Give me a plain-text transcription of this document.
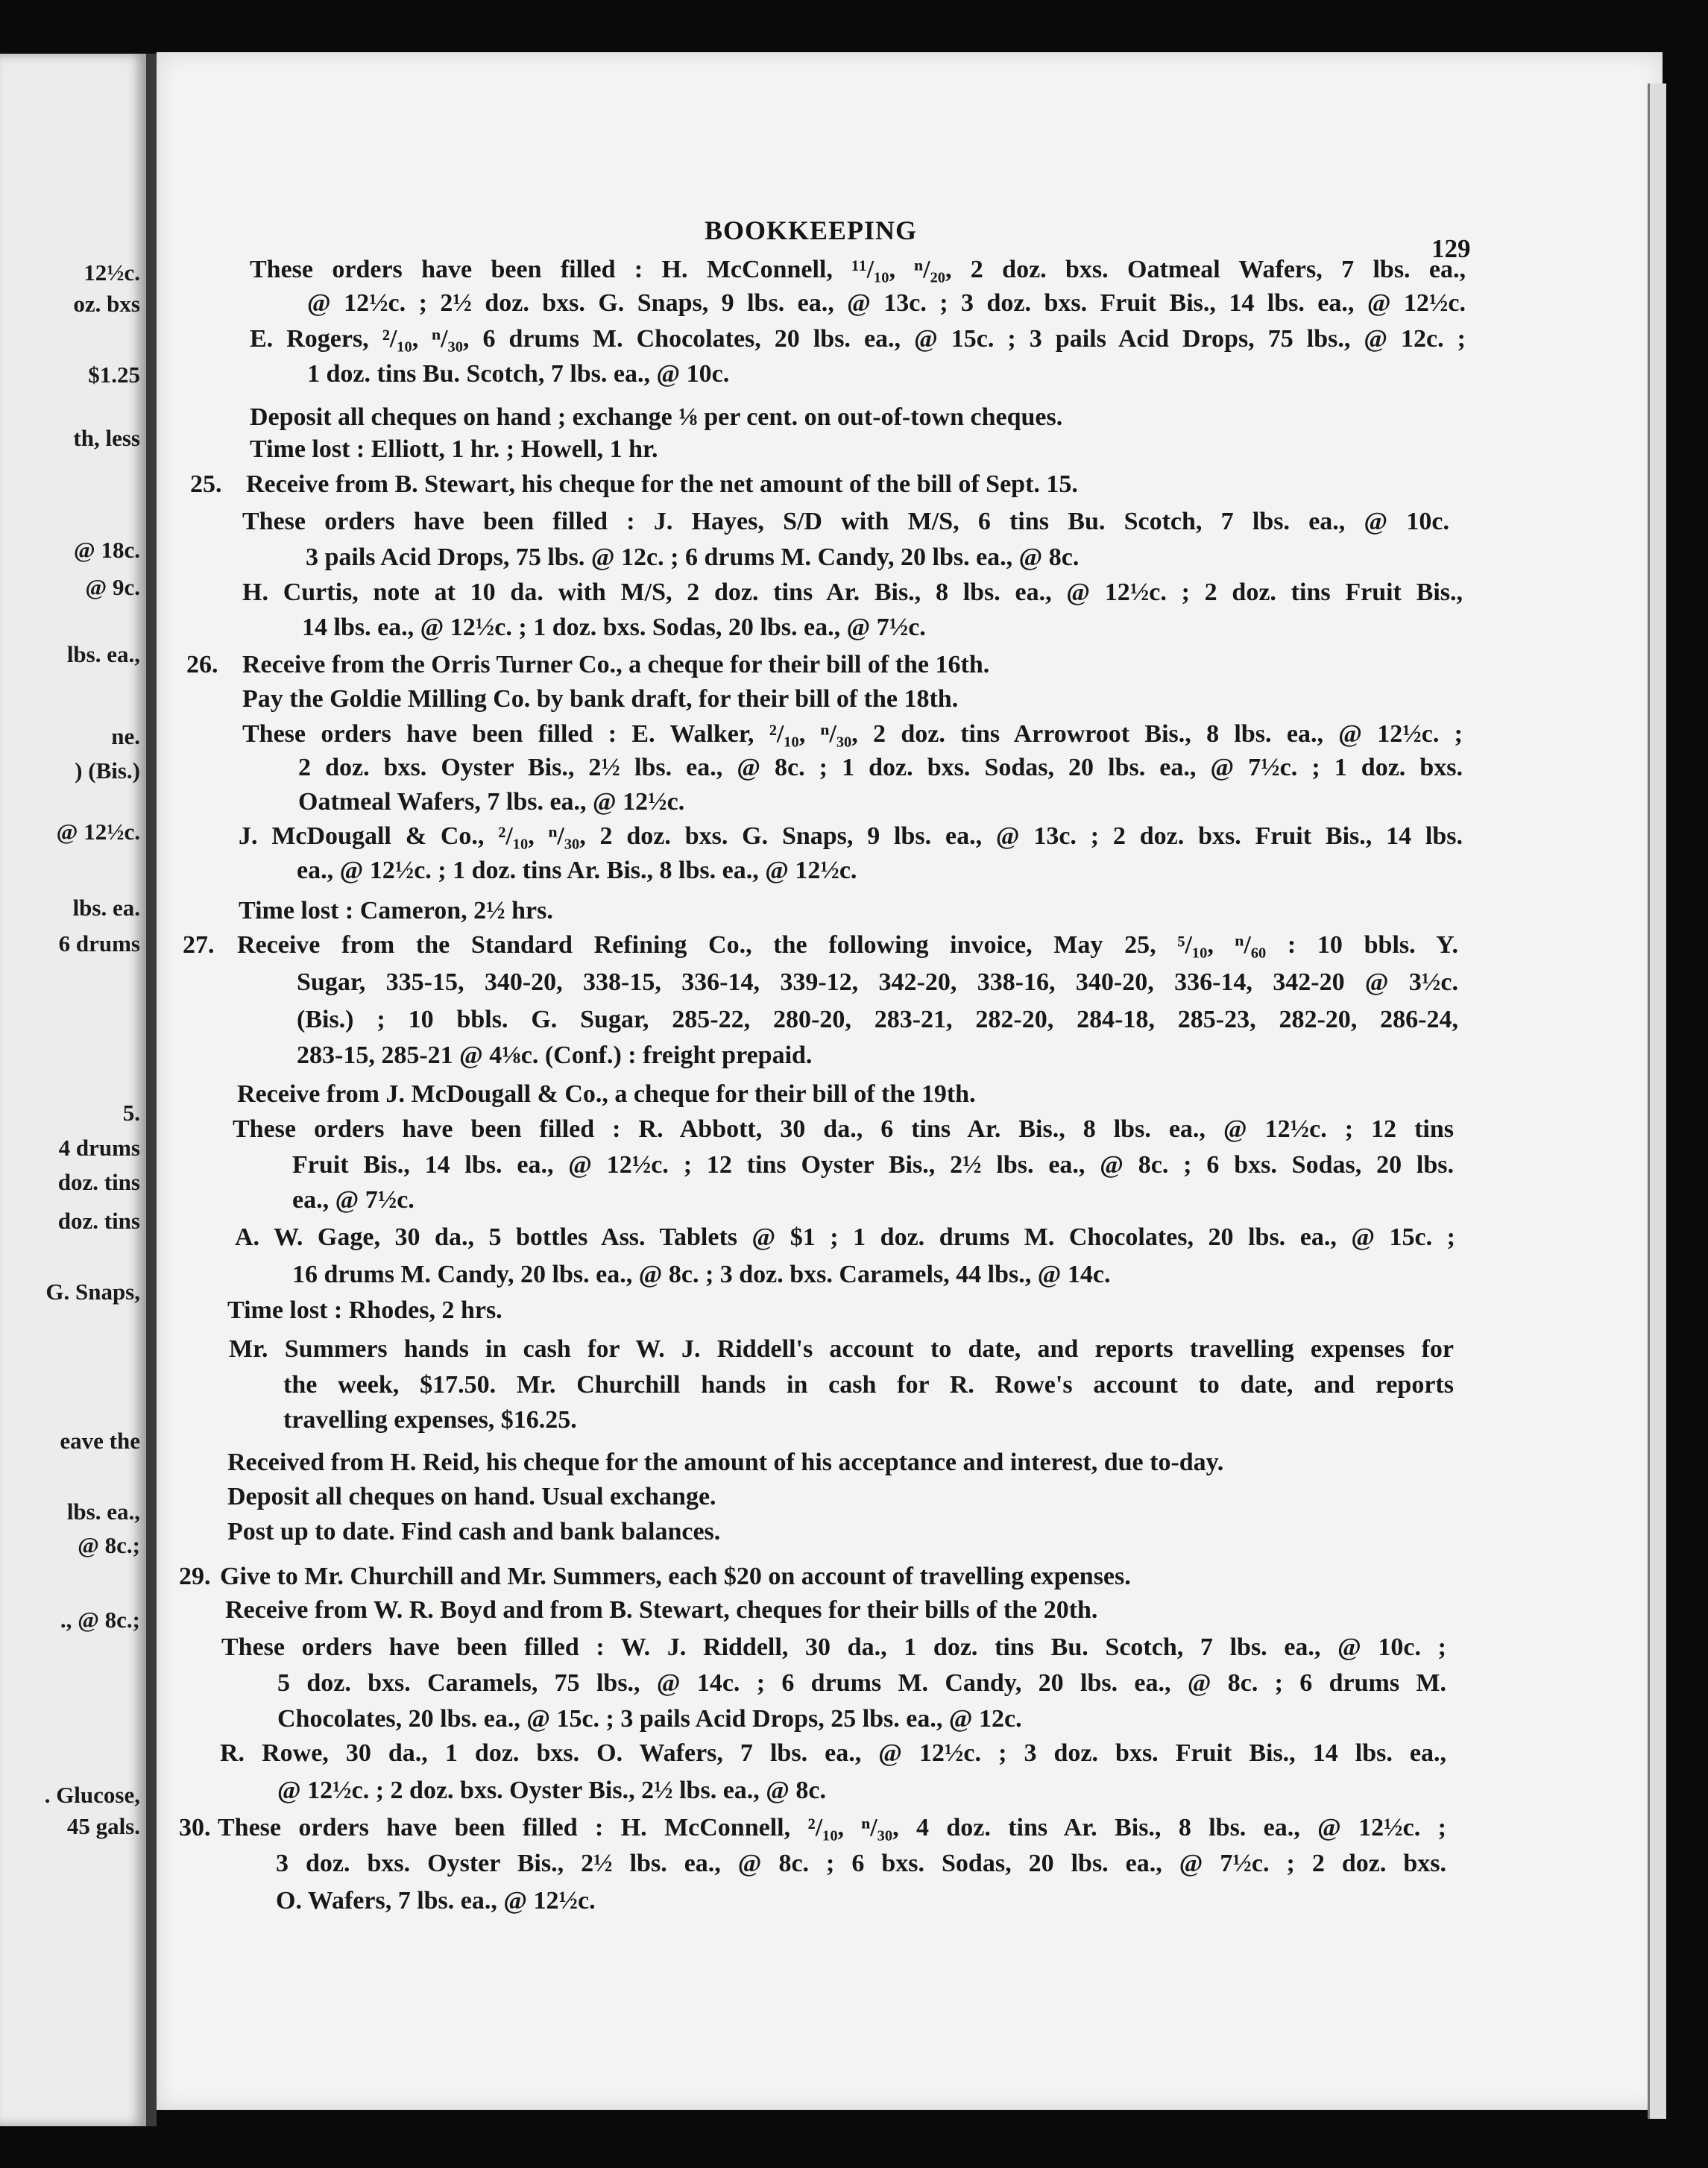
12½c.
oz. bxs
$1.25
th, less
@ 18c.
@ 9c.
lbs. ea.,
ne.
) (Bis.)
@ 12½c.
lbs. ea.
6 drums
5.
4 drums
doz. tins
doz. tins
G. Snaps,
eave the
lbs. ea.,
@ 8c.;
., @ 8c.;
. Glucose,
45 gals.
BOOKKEEPING
129
These orders have been filled : H. McConnell, ¹¹/₁₀, ⁿ/₂₀, 2 doz. bxs. Oatmeal Wafers, 7 lbs. ea.,
@ 12½c. ; 2½ doz. bxs. G. Snaps, 9 lbs. ea., @ 13c. ; 3 doz. bxs. Fruit Bis., 14 lbs. ea., @ 12½c.
E. Rogers, ²/₁₀, ⁿ/₃₀, 6 drums M. Chocolates, 20 lbs. ea., @ 15c. ; 3 pails Acid Drops, 75 lbs., @ 12c. ;
1 doz. tins Bu. Scotch, 7 lbs. ea., @ 10c.
Deposit all cheques on hand ; exchange ⅛ per cent. on out-of-town cheques.
Time lost : Elliott, 1 hr. ; Howell, 1 hr.
Receive from B. Stewart, his cheque for the net amount of the bill of Sept. 15.
These orders have been filled : J. Hayes, S/D with M/S, 6 tins Bu. Scotch, 7 lbs. ea., @ 10c.
3 pails Acid Drops, 75 lbs. @ 12c. ; 6 drums M. Candy, 20 lbs. ea., @ 8c.
H. Curtis, note at 10 da. with M/S, 2 doz. tins Ar. Bis., 8 lbs. ea., @ 12½c. ; 2 doz. tins Fruit Bis.,
14 lbs. ea., @ 12½c. ; 1 doz. bxs. Sodas, 20 lbs. ea., @ 7½c.
Receive from the Orris Turner Co., a cheque for their bill of the 16th.
Pay the Goldie Milling Co. by bank draft, for their bill of the 18th.
These orders have been filled : E. Walker, ²/₁₀, ⁿ/₃₀, 2 doz. tins Arrowroot Bis., 8 lbs. ea., @ 12½c. ;
2 doz. bxs. Oyster Bis., 2½ lbs. ea., @ 8c. ; 1 doz. bxs. Sodas, 20 lbs. ea., @ 7½c. ; 1 doz. bxs.
Oatmeal Wafers, 7 lbs. ea., @ 12½c.
J. McDougall & Co., ²/₁₀, ⁿ/₃₀, 2 doz. bxs. G. Snaps, 9 lbs. ea., @ 13c. ; 2 doz. bxs. Fruit Bis., 14 lbs.
ea., @ 12½c. ; 1 doz. tins Ar. Bis., 8 lbs. ea., @ 12½c.
Time lost : Cameron, 2½ hrs.
Receive from the Standard Refining Co., the following invoice, May 25, ⁵/₁₀, ⁿ/₆₀ : 10 bbls. Y.
Sugar, 335-15, 340-20, 338-15, 336-14, 339-12, 342-20, 338-16, 340-20, 336-14, 342-20 @ 3½c.
(Bis.) ; 10 bbls. G. Sugar, 285-22, 280-20, 283-21, 282-20, 284-18, 285-23, 282-20, 286-24,
283-15, 285-21 @ 4⅛c. (Conf.) : freight prepaid.
Receive from J. McDougall & Co., a cheque for their bill of the 19th.
These orders have been filled : R. Abbott, 30 da., 6 tins Ar. Bis., 8 lbs. ea., @ 12½c. ; 12 tins
Fruit Bis., 14 lbs. ea., @ 12½c. ; 12 tins Oyster Bis., 2½ lbs. ea., @ 8c. ; 6 bxs. Sodas, 20 lbs.
ea., @ 7½c.
A. W. Gage, 30 da., 5 bottles Ass. Tablets @ $1 ; 1 doz. drums M. Chocolates, 20 lbs. ea., @ 15c. ;
16 drums M. Candy, 20 lbs. ea., @ 8c. ; 3 doz. bxs. Caramels, 44 lbs., @ 14c.
Time lost : Rhodes, 2 hrs.
Mr. Summers hands in cash for W. J. Riddell's account to date, and reports travelling expenses for
the week, $17.50. Mr. Churchill hands in cash for R. Rowe's account to date, and reports
travelling expenses, $16.25.
Received from H. Reid, his cheque for the amount of his acceptance and interest, due to-day.
Deposit all cheques on hand. Usual exchange.
Post up to date. Find cash and bank balances.
Give to Mr. Churchill and Mr. Summers, each $20 on account of travelling expenses.
Receive from W. R. Boyd and from B. Stewart, cheques for their bills of the 20th.
These orders have been filled : W. J. Riddell, 30 da., 1 doz. tins Bu. Scotch, 7 lbs. ea., @ 10c. ;
5 doz. bxs. Caramels, 75 lbs., @ 14c. ; 6 drums M. Candy, 20 lbs. ea., @ 8c. ; 6 drums M.
Chocolates, 20 lbs. ea., @ 15c. ; 3 pails Acid Drops, 25 lbs. ea., @ 12c.
R. Rowe, 30 da., 1 doz. bxs. O. Wafers, 7 lbs. ea., @ 12½c. ; 3 doz. bxs. Fruit Bis., 14 lbs. ea.,
@ 12½c. ; 2 doz. bxs. Oyster Bis., 2½ lbs. ea., @ 8c.
These orders have been filled : H. McConnell, ²/₁₀, ⁿ/₃₀, 4 doz. tins Ar. Bis., 8 lbs. ea., @ 12½c. ;
3 doz. bxs. Oyster Bis., 2½ lbs. ea., @ 8c. ; 6 bxs. Sodas, 20 lbs. ea., @ 7½c. ; 2 doz. bxs.
O. Wafers, 7 lbs. ea., @ 12½c.
25.
26.
27.
29.
30.
